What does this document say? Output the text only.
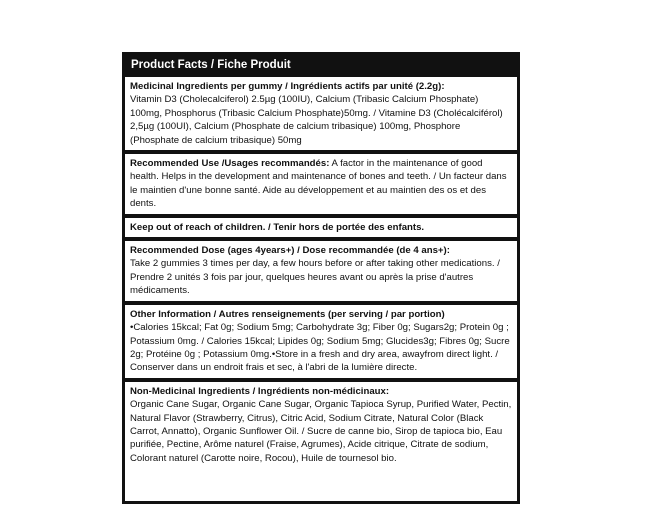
Product Facts / Fiche Produit
Medicinal Ingredients per gummy / Ingrédients actifs par unité (2.2g):
Vitamin D3 (Cholecalciferol) 2.5µg (100IU), Calcium (Tribasic Calcium Phosphate) 100mg, Phosphorus (Tribasic Calcium Phosphate)50mg. / Vitamine D3 (Cholécalciférol) 2,5µg (100UI), Calcium (Phosphate de calcium tribasique) 100mg, Phosphore (Phosphate de calcium tribasique) 50mg
Recommended Use /Usages recommandés: A factor in the maintenance of good health. Helps in the development and maintenance of bones and teeth. / Un facteur dans le maintien d'une bonne santé. Aide au développement et au maintien des os et des dents.
Keep out of reach of children. / Tenir hors de portée des enfants.
Recommended Dose (ages 4years+) / Dose recommandée (de 4 ans+):
Take 2 gummies 3 times per day, a few hours before or after taking other medications. / Prendre 2 unités 3 fois par jour, quelques heures avant ou après la prise d'autres médicaments.
Other Information / Autres renseignements (per serving / par portion)
•Calories 15kcal; Fat 0g; Sodium 5mg; Carbohydrate 3g; Fiber 0g; Sugars2g; Protein 0g ; Potassium 0mg. / Calories 15kcal; Lipides 0g; Sodium 5mg; Glucides3g; Fibres 0g; Sucre 2g; Protéine 0g ; Potassium 0mg.•Store in a fresh and dry area, awayfrom direct light. / Conserver dans un endroit frais et sec, à l'abri de la lumière directe.
Non-Medicinal Ingredients / Ingrédients non-médicinaux:
Organic Cane Sugar, Organic Cane Sugar, Organic Tapioca Syrup, Purified Water, Pectin, Natural Flavor (Strawberry, Citrus), Citric Acid, Sodium Citrate, Natural Color (Black Carrot, Annatto), Organic Sunflower Oil. / Sucre de canne bio, Sirop de tapioca bio, Eau purifiée, Pectine, Arôme naturel (Fraise, Agrumes), Acide citrique, Citrate de sodium, Colorant naturel (Carotte noire, Rocou), Huile de tournesol bio.
